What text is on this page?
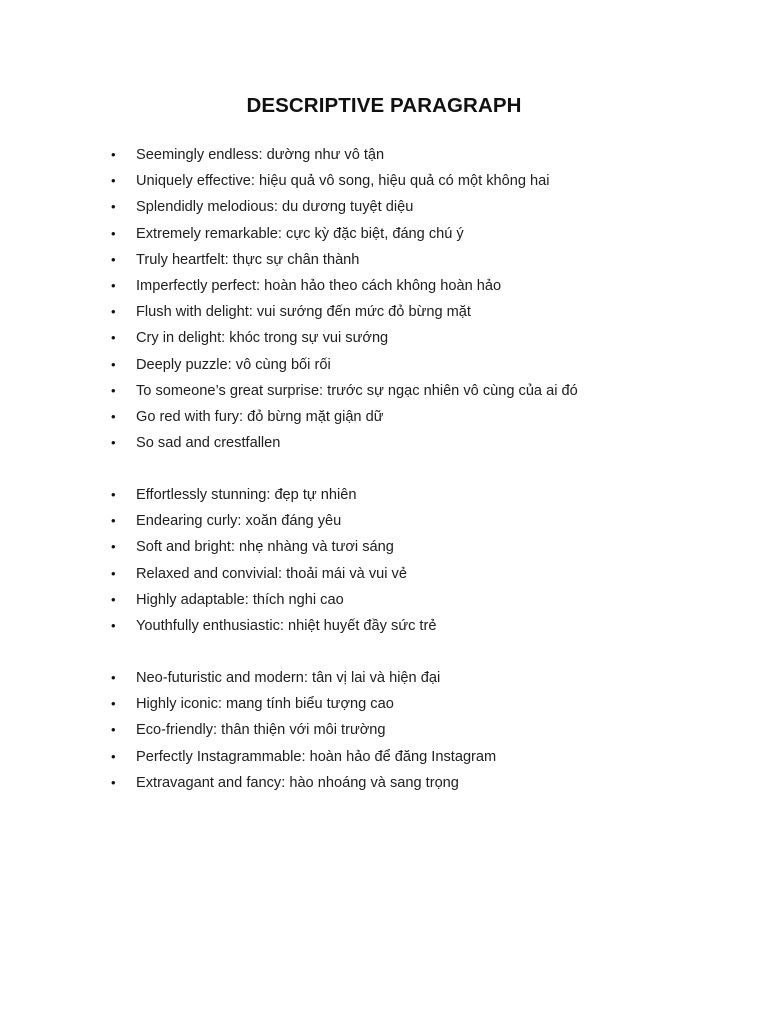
DESCRIPTIVE PARAGRAPH
• Seemingly endless: dường như vô tận
• Uniquely effective: hiệu quả vô song, hiệu quả có một không hai
• Splendidly melodious: du dương tuyệt diệu
• Extremely remarkable: cực kỳ đặc biệt, đáng chú ý
• Truly heartfelt: thực sự chân thành
• Imperfectly perfect: hoàn hảo theo cách không hoàn hảo
• Flush with delight: vui sướng đến mức đỏ bừng mặt
• Cry in delight: khóc trong sự vui sướng
• Deeply puzzle: vô cùng bối rối
• To someone’s great surprise: trước sự ngạc nhiên vô cùng của ai đó
• Go red with fury: đỏ bừng mặt giận dữ
• So sad and crestfallen
• Effortlessly stunning: đẹp tự nhiên
• Endearing curly: xoăn đáng yêu
• Soft and bright: nhẹ nhàng và tươi sáng
• Relaxed and convivial: thoải mái và vui vẻ
• Highly adaptable: thích nghi cao
• Youthfully enthusiastic: nhiệt huyết đầy sức trẻ
• Neo-futuristic and modern: tân vị lai và hiện đại
• Highly iconic: mang tính biểu tượng cao
• Eco-friendly: thân thiện với môi trường
• Perfectly Instagrammable: hoàn hảo để đăng Instagram
• Extravagant and fancy: hào nhoáng và sang trọng
